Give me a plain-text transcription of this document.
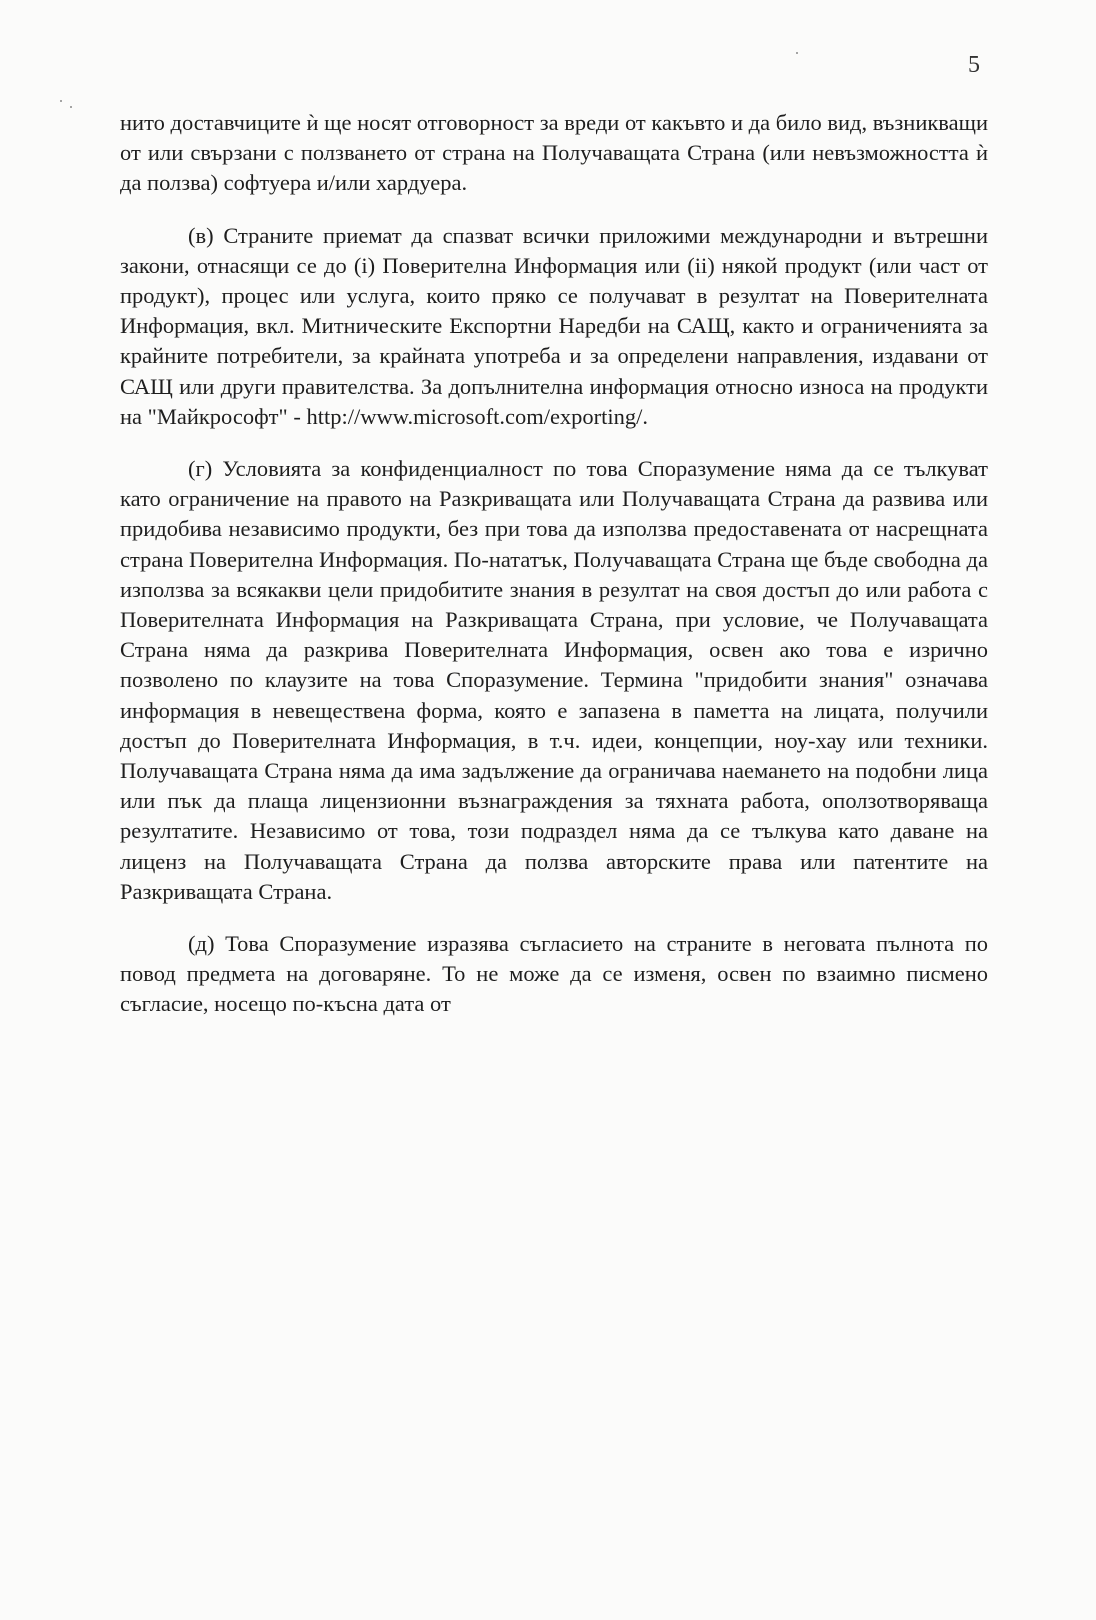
5

нито доставчиците ѝ ще носят отговорност за вреди от какъвто и да било вид, възникващи от или свързани с ползването от страна на Получаващата Страна (или невъзможността ѝ да ползва) софтуера и/или хардуера.

(в) Страните приемат да спазват всички приложими международни и вътрешни закони, отнасящи се до (i) Поверителна Информация или (ii) някой продукт (или част от продукт), процес или услуга, които пряко се получават в резултат на Поверителната Информация, вкл. Митническите Експортни Наредби на САЩ, както и ограниченията за крайните потребители, за крайната употреба и за определени направления, издавани от САЩ или други правителства. За допълнителна информация относно износа на продукти на "Майкрософт" - http://www.microsoft.com/exporting/.

(г) Условията за конфиденциалност по това Споразумение няма да се тълкуват като ограничение на правото на Разкриващата или Получаващата Страна да развива или придобива независимо продукти, без при това да използва предоставената от насрещната страна Поверителна Информация. По-нататък, Получаващата Страна ще бъде свободна да използва за всякакви цели придобитите знания в резултат на своя достъп до или работа с Поверителната Информация на Разкриващата Страна, при условие, че Получаващата Страна няма да разкрива Поверителната Информация, освен ако това е изрично позволено по клаузите на това Споразумение. Термина "придобити знания" означава информация в невеществена форма, която е запазена в паметта на лицата, получили достъп до Поверителната Информация, в т.ч. идеи, концепции, ноу-хау или техники. Получаващата Страна няма да има задължение да ограничава наемането на подобни лица или пък да плаща лицензионни възнаграждения за тяхната работа, оползотворяваща резултатите. Независимо от това, този подраздел няма да се тълкува като даване на лиценз на Получаващата Страна да ползва авторските права или патентите на Разкриващата Страна.

(д) Това Споразумение изразява съгласието на страните в неговата пълнота по повод предмета на договаряне. То не може да се изменя, освен по взаимно писмено съгласие, носещо по-късна дата от
